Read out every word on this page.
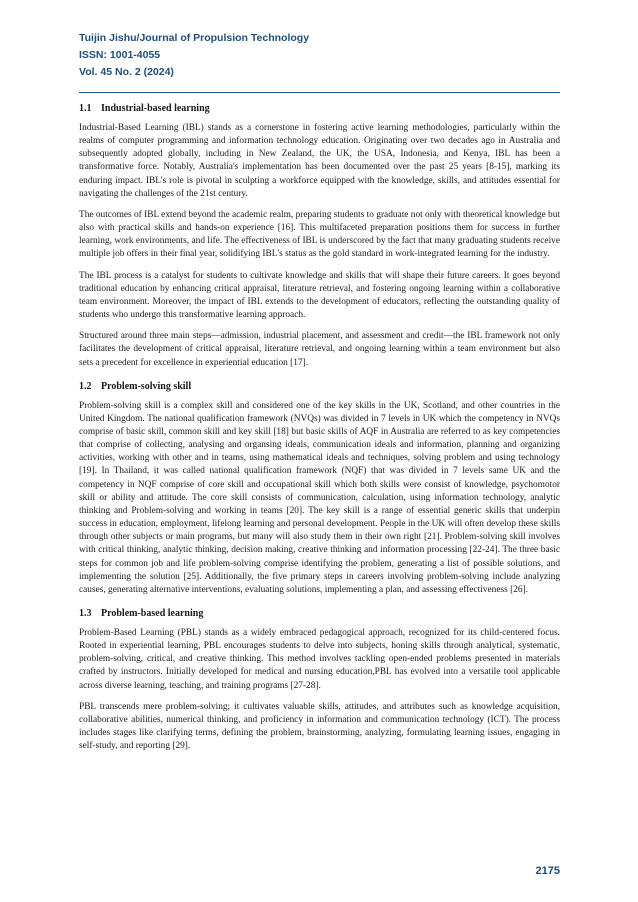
Tuijin Jishu/Journal of Propulsion Technology
ISSN: 1001-4055
Vol. 45 No. 2 (2024)
1.1 Industrial-based learning

Industrial-Based Learning (IBL) stands as a cornerstone in fostering active learning methodologies, particularly within the realms of computer programming and information technology education. Originating over two decades ago in Australia and subsequently adopted globally, including in New Zealand, the UK, the USA, Indonesia, and Kenya, IBL has been a transformative force. Notably, Australia's implementation has been documented over the past 25 years [8-15], marking its enduring impact. IBL's role is pivotal in sculpting a workforce equipped with the knowledge, skills, and attitudes essential for navigating the challenges of the 21st century.

The outcomes of IBL extend beyond the academic realm, preparing students to graduate not only with theoretical knowledge but also with practical skills and hands-on experience [16]. This multifaceted preparation positions them for success in further learning, work environments, and life. The effectiveness of IBL is underscored by the fact that many graduating students receive multiple job offers in their final year, solidifying IBL's status as the gold standard in work-integrated learning for the industry.

The IBL process is a catalyst for students to cultivate knowledge and skills that will shape their future careers. It goes beyond traditional education by enhancing critical appraisal, literature retrieval, and fostering ongoing learning within a collaborative team environment. Moreover, the impact of IBL extends to the development of educators, reflecting the outstanding quality of students who undergo this transformative learning approach.

Structured around three main steps—admission, industrial placement, and assessment and credit—the IBL framework not only facilitates the development of critical appraisal, literature retrieval, and ongoing learning within a team environment but also sets a precedent for excellence in experiential education [17].

1.2 Problem-solving skill

Problem-solving skill is a complex skill and considered one of the key skills in the UK, Scotland, and other countries in the United Kingdom. The national qualification framework (NVQs) was divided in 7 levels in UK which the competency in NVQs comprise of basic skill, common skill and key skill [18] but basic skills of AQF in Australia are referred to as key competencies that comprise of collecting, analysing and organsing ideals, communication ideals and information, planning and organizing activities, working with other and in teams, using mathematical ideals and techniques, solving problem and using technology [19]. In Thailand, it was called national qualification framework (NQF) that was divided in 7 levels same UK and the competency in NQF comprise of core skill and occupational skill which both skills were consist of knowledge, psychomotor skill or ability and attitude. The core skill consists of communication, calculation, using information technology, analytic thinking and Problem-solving and working in teams [20]. The key skill is a range of essential generic skills that underpin success in education, employment, lifelong learning and personal development. People in the UK will often develop these skills through other subjects or main programs, but many will also study them in their own right [21]. Problem-solving skill involves with critical thinking, analytic thinking, decision making, creative thinking and information processing [22-24]. The three basic steps for common job and life problem-solving comprise identifying the problem, generating a list of possible solutions, and implementing the solution [25]. Additionally, the five primary steps in careers involving problem-solving include analyzing causes, generating alternative interventions, evaluating solutions, implementing a plan, and assessing effectiveness [26].

1.3 Problem-based learning

Problem-Based Learning (PBL) stands as a widely embraced pedagogical approach, recognized for its child-centered focus. Rooted in experiential learning, PBL encourages students to delve into subjects, honing skills through analytical, systematic, problem-solving, critical, and creative thinking. This method involves tackling open-ended problems presented in materials crafted by instructors. Initially developed for medical and nursing education,PBL has evolved into a versatile tool applicable across diverse learning, teaching, and training programs [27-28].

PBL transcends mere problem-solving; it cultivates valuable skills, attitudes, and attributes such as knowledge acquisition, collaborative abilities, numerical thinking, and proficiency in information and communication technology (ICT). The process includes stages like clarifying terms, defining the problem, brainstorming, analyzing, formulating learning issues, engaging in self-study, and reporting [29].

2175
